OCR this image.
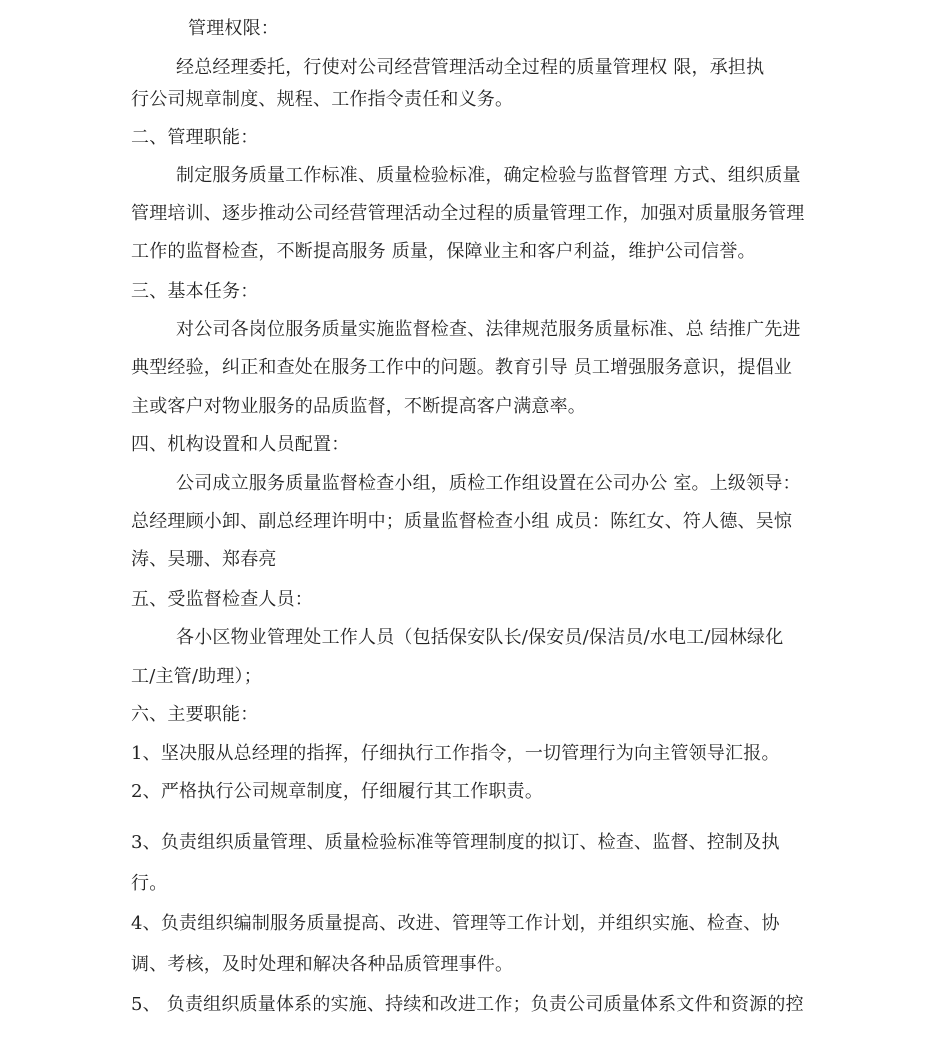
管理权限：
经总经理委托，行使对公司经营管理活动全过程的质量管理权 限，承担执
行公司规章制度、规程、工作指令责任和义务。
二、管理职能：
制定服务质量工作标准、质量检验标准，确定检验与监督管理 方式、组织质量
管理培训、逐步推动公司经营管理活动全过程的质量管理工作，加强对质量服务管理
工作的监督检查，不断提高服务 质量，保障业主和客户利益，维护公司信誉。
三、基本任务：
对公司各岗位服务质量实施监督检查、法律规范服务质量标准、总 结推广先进
典型经验，纠正和查处在服务工作中的问题。教育引导 员工增强服务意识，提倡业
主或客户对物业服务的品质监督，不断提高客户满意率。
四、机构设置和人员配置：
公司成立服务质量监督检查小组，质检工作组设置在公司办公 室。上级领导：
总经理顾小卸、副总经理许明中；质量监督检查小组 成员：陈红女、符人德、吴惊
涛、吴珊、郑春亮
五、受监督检查人员：
各小区物业管理处工作人员（包括保安队长/保安员/保洁员/水电工/园林绿化
工/主管/助理）；
六、主要职能：
1、坚决服从总经理的指挥，仔细执行工作指令，一切管理行为向主管领导汇报。
2、严格执行公司规章制度，仔细履行其工作职责。
3、负责组织质量管理、质量检验标准等管理制度的拟订、检查、监督、控制及执
行。
4、负责组织编制服务质量提高、改进、管理等工作计划，并组织实施、检查、协
调、考核，及时处理和解决各种品质管理事件。
5、 负责组织质量体系的实施、持续和改进工作；负责公司质量体系文件和资源的控
